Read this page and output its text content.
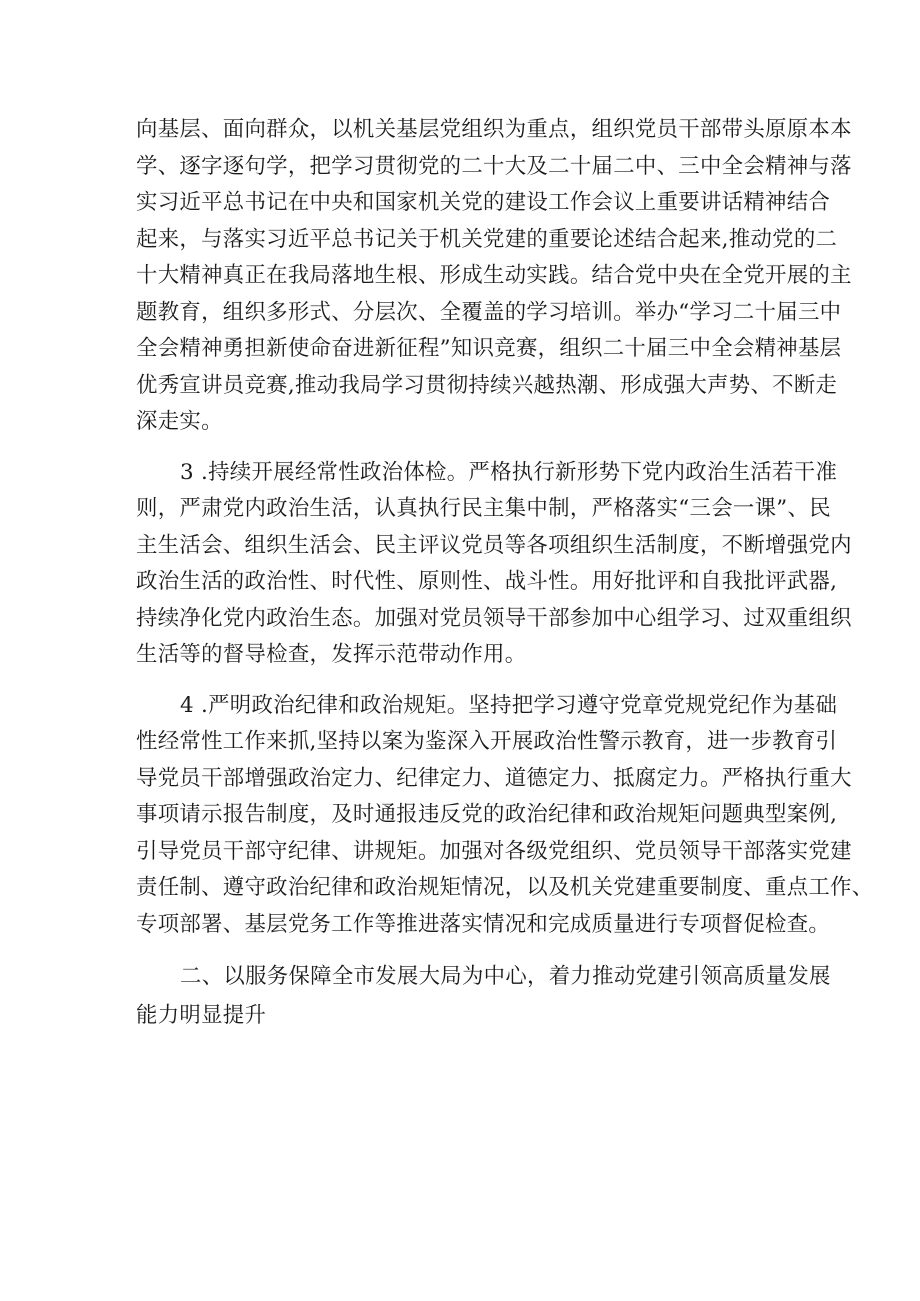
向基层、面向群众，以机关基层党组织为重点，组织党员干部带头原原本本
学、逐字逐句学，把学习贯彻党的二十大及二十届二中、三中全会精神与落
实习近平总书记在中央和国家机关党的建设工作会议上重要讲话精神结合
起来，与落实习近平总书记关于机关党建的重要论述结合起来,推动党的二
十大精神真正在我局落地生根、形成生动实践。结合党中央在全党开展的主
题教育，组织多形式、分层次、全覆盖的学习培训。举办“学习二十届三中
全会精神勇担新使命奋进新征程”知识竞赛，组织二十届三中全会精神基层
优秀宣讲员竞赛,推动我局学习贯彻持续兴越热潮、形成强大声势、不断走
深走实。
3 .持续开展经常性政治体检。严格执行新形势下党内政治生活若干准
则，严肃党内政治生活，认真执行民主集中制，严格落实“三会一课”、民
主生活会、组织生活会、民主评议党员等各项组织生活制度，不断增强党内
政治生活的政治性、时代性、原则性、战斗性。用好批评和自我批评武器,
持续净化党内政治生态。加强对党员领导干部参加中心组学习、过双重组织
生活等的督导检查，发挥示范带动作用。
4 .严明政治纪律和政治规矩。坚持把学习遵守党章党规党纪作为基础
性经常性工作来抓,坚持以案为鉴深入开展政治性警示教育，进一步教育引
导党员干部增强政治定力、纪律定力、道德定力、抵腐定力。严格执行重大
事项请示报告制度，及时通报违反党的政治纪律和政治规矩问题典型案例,
引导党员干部守纪律、讲规矩。加强对各级党组织、党员领导干部落实党建
责任制、遵守政治纪律和政治规矩情况，以及机关党建重要制度、重点工作、
专项部署、基层党务工作等推进落实情况和完成质量进行专项督促检查。
二、以服务保障全市发展大局为中心，着力推动党建引领高质量发展
能力明显提升
